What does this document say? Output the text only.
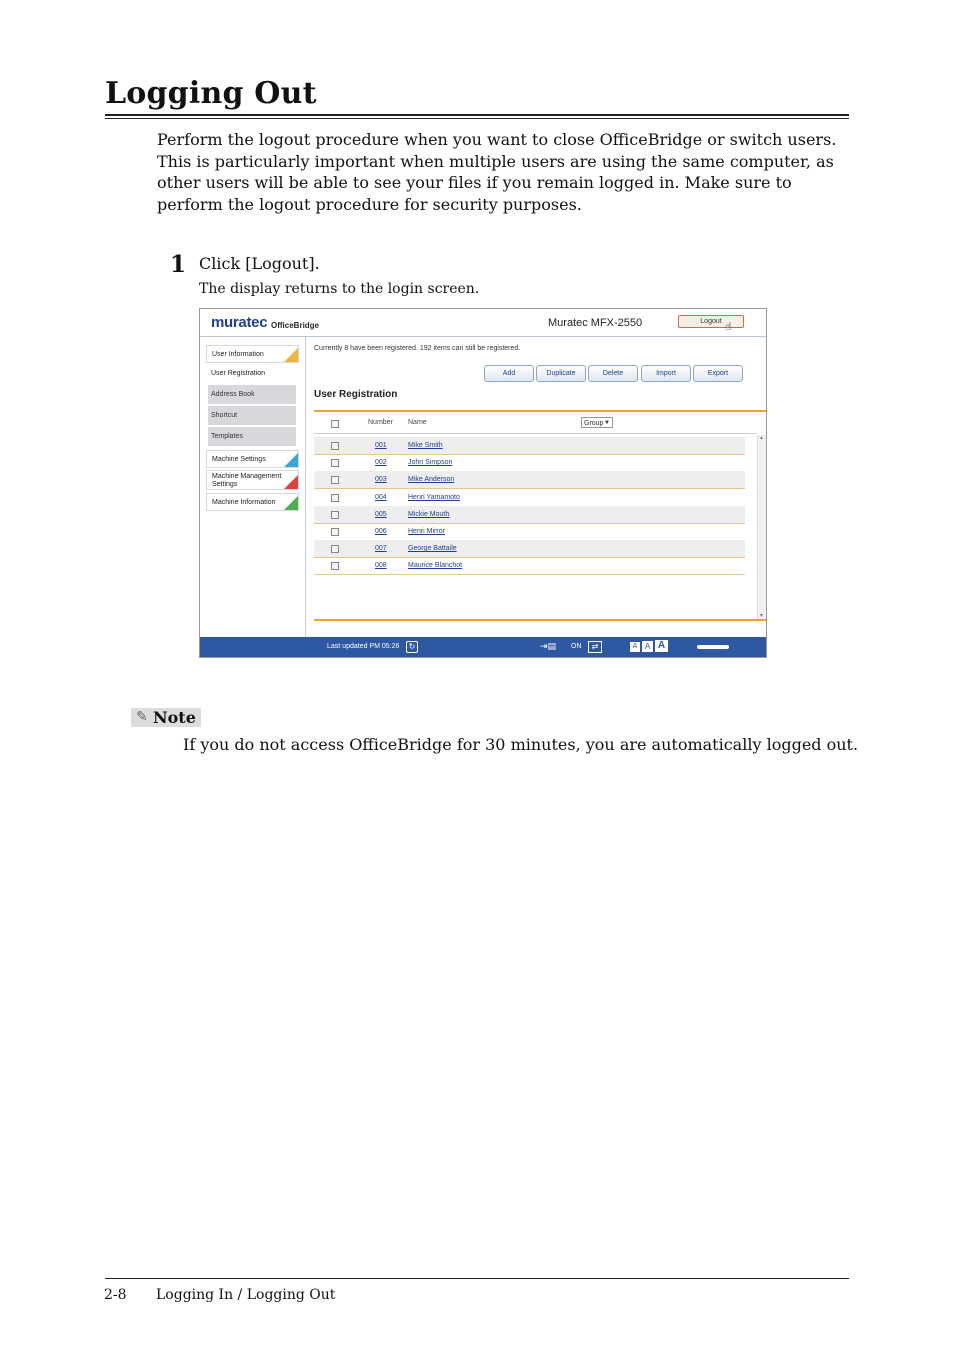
Logging Out
Perform the logout procedure when you want to close OfficeBridge or switch users. This is particularly important when multiple users are using the same computer, as other users will be able to see your files if you remain logged in. Make sure to perform the logout procedure for security purposes.
1 Click [Logout].
The display returns to the login screen.
muratec OfficeBridge	Muratec MFX-2550	Logout ☝
User Information
User Registration
Address Book
Shortcut
Templates
Machine Settings
Machine Management Settings
Machine Information
Currently 8 have been registered. 192 items can still be registered.
Add	Duplicate	Delete	Import	Export
User Registration
Number Name	Group ▼
001	Mike Smith
002	John Simpson
003	Mike Anderson
004	Henri Yamamoto
005	Mickie Mouth
006	Henri Mirror
007	George Battaile
008	Maurice Blanchot
▲
▼
Last updated PM 05:26	↻	⇥▤ ON	⇄	A A A
✎ Note
If you do not access OfficeBridge for 30 minutes, you are automatically logged out.
2-8 Logging In / Logging Out
